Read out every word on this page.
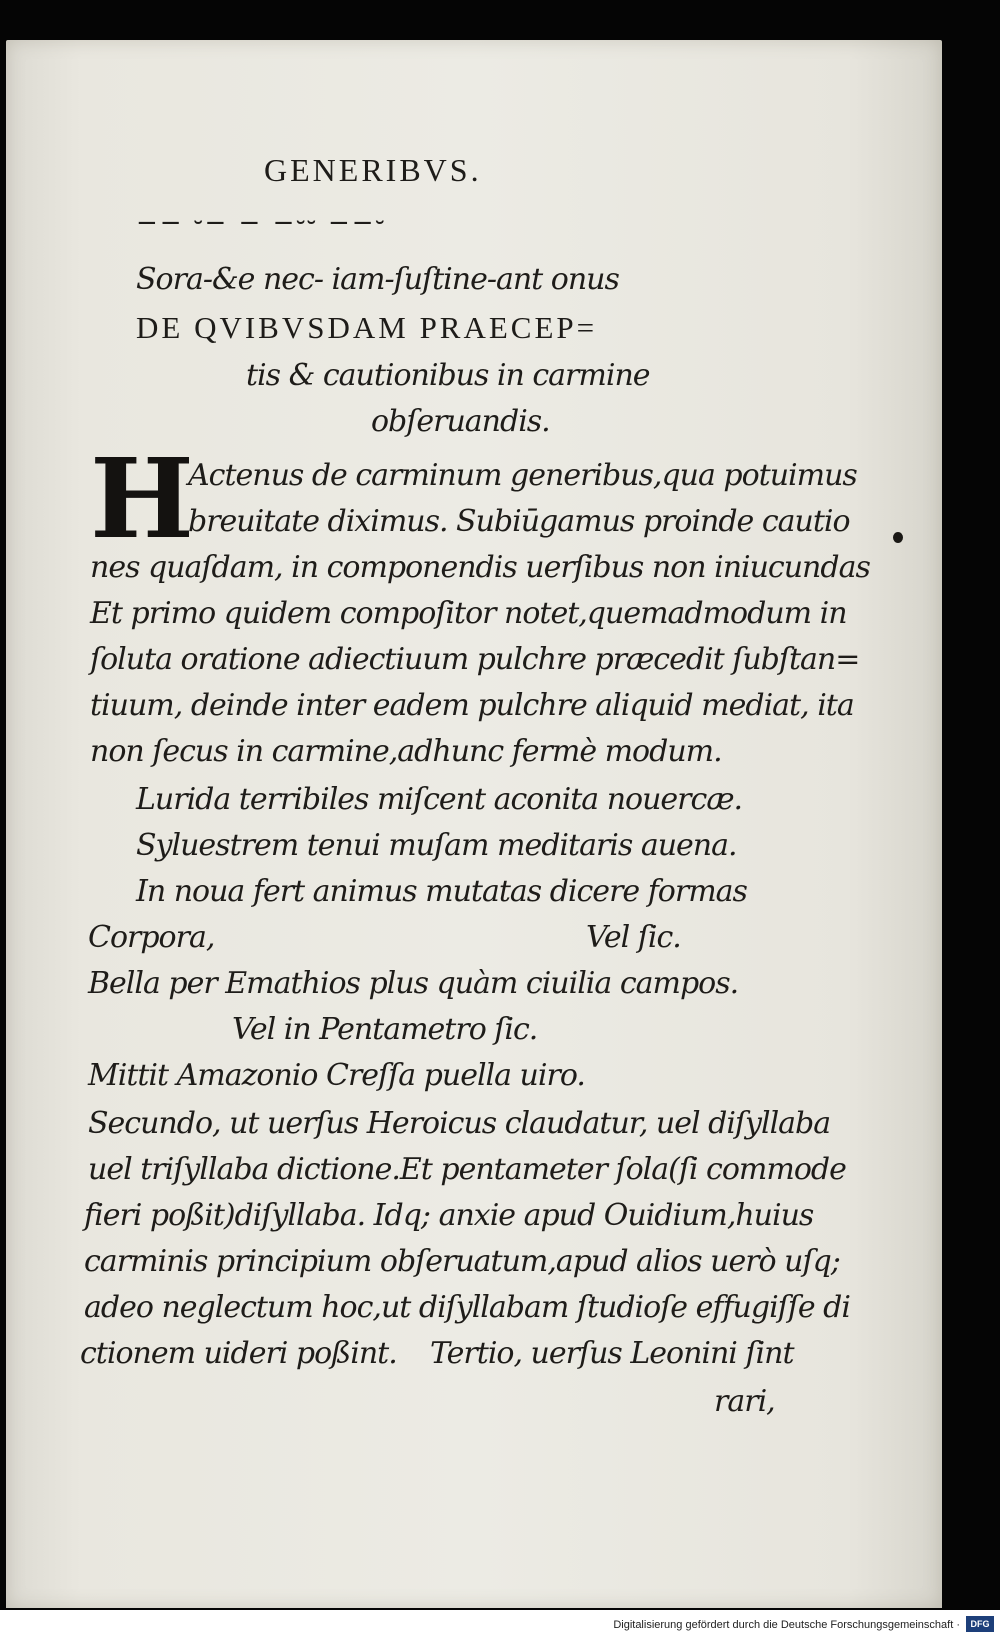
GENERIBVS.
−− ⏑− − −⏑⏑ −−⏑
Sora-&e nec- iam-ſuſtine-ant onus
DE QVIBVSDAM PRAECEP=
tis & cautionibus in carmine
obſeruandis.
H
Actenus de carminum generibus,qua potuimus
breuitate diximus. Subiūgamus proinde cautio
nes quaſdam, in componendis uerſibus non iniucundas
Et primo quidem compoſitor notet,quemadmodum in
ſoluta oratione adiectiuum pulchre præcedit ſubſtan=
tiuum, deinde inter eadem pulchre aliquid mediat, ita
non ſecus in carmine,adhunc fermè modum.
Lurida terribiles miſcent aconita nouercæ.
Syluestrem tenui muſam meditaris auena.
In noua fert animus mutatas dicere formas
Corpora,	Vel ſic.
Bella per Emathios plus quàm ciuilia campos.
Vel in Pentametro ſic.
Mittit Amazonio Creſſa puella uiro.
Secundo, ut uerſus Heroicus claudatur, uel diſyllaba
uel triſyllaba dictione.Et pentameter ſola(ſi commode
fieri poßit)diſyllaba. Idq; anxie apud Ouidium,huius
carminis principium obſeruatum,apud alios uerò uſq;
adeo neglectum hoc,ut diſyllabam ſtudioſe effugiſſe di
ctionem uideri poßint. Tertio, uerſus Leonini ſint
rari,
Digitalisierung gefördert durch die Deutsche Forschungsgemeinschaft ·	DFG
